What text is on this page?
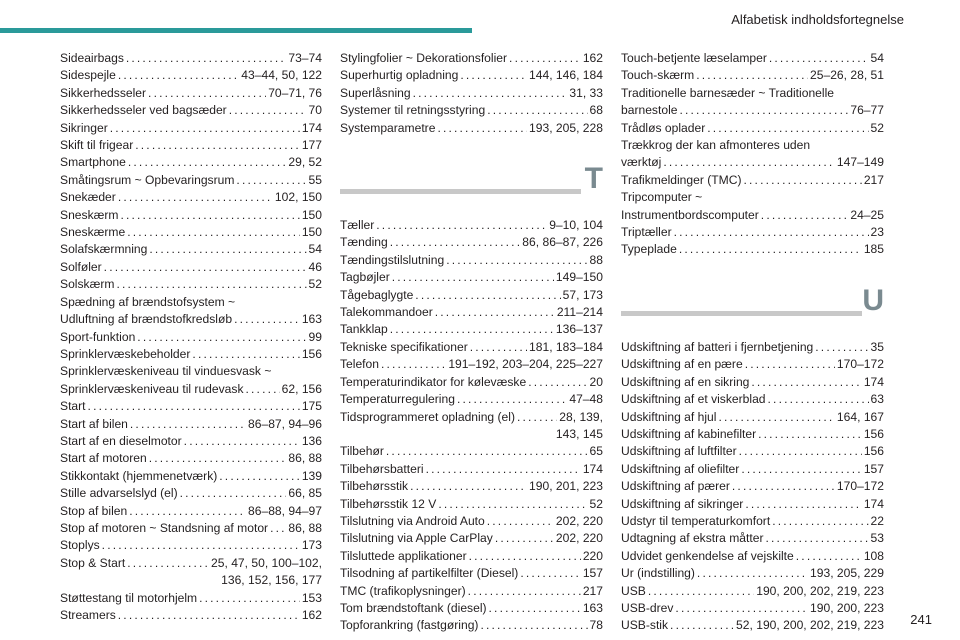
Alfabetisk indholdsfortegnelse
Sideairbags . . .	73–74
Sidespejle . . .	43–44, 50, 122
Sikkerhedsseler . . .	70–71, 76
Sikkerhedsseler ved bagsæder . . .	70
Sikringer . . .	174
Skift til frigear . . .	177
Smartphone . . .	29, 52
Småtingsrum ~ Opbevaringsrum . . .	55
Snekæder . . .	102, 150
Sneskærm . . .	150
Sneskærme . . .	150
Solafskærmning . . .	54
Solføler . . .	46
Solskærm . . .	52
Spædning af brændstofsystem ~
Udluftning af brændstofkredsløb . . .	163
Sport-funktion . . .	99
Sprinklervæskebeholder . . .	156
Sprinklervæskeniveau til vinduesvask ~
Sprinklervæskeniveau til rudevask . . .	62, 156
Start . . .	175
Start af bilen . . .	86–87, 94–96
Start af en dieselmotor . . .	136
Start af motoren . . .	86, 88
Stikkontakt (hjemmenetværk) . . .	139
Stille advarselslyd (el) . . .	66, 85
Stop af bilen . . .	86–88, 94–97
Stop af motoren ~ Standsning af motor . . . 86, 88
Stoplys . . .	173
Stop & Start . . .	25, 47, 50, 100–102,
136, 152, 156, 177
Støttestang til motorhjelm . . .	153
Streamers . . .	162
Stylingfolier ~ Dekorationsfolier . . .	162
Superhurtig opladning . . .	144, 146, 184
Superlåsning . . .	31, 33
Systemer til retningsstyring . . .	68
Systemparametre . . .	193, 205, 228
T
Tæller . . .	9–10, 104
Tænding . . .	86, 86–87, 226
Tændingstilslutning . . .	88
Tagbøjler . . .	149–150
Tågebaglygte . . .	57, 173
Talekommandoer . . .	211–214
Tankklap . . .	136–137
Tekniske specifikationer . . .	181, 183–184
Telefon . . .	191–192, 203–204, 225–227
Temperaturindikator for kølevæske . . .	20
Temperaturregulering . . .	47–48
Tidsprogrammeret opladning (el) . . .	28, 139,
143, 145
Tilbehør . . .	65
Tilbehørsbatteri . . .	174
Tilbehørsstik . . .	190, 201, 223
Tilbehørsstik 12 V . . .	52
Tilslutning via Android Auto . . .	202, 220
Tilslutning via Apple CarPlay . . .	202, 220
Tilsluttede applikationer . . .	220
Tilsodning af partikelfilter (Diesel) . . .	157
TMC (trafikoplysninger) . . .	217
Tom brændstoftank (diesel) . . .	163
Topforankring (fastgøring) . . .	78
Touch-betjente læselamper . . .	54
Touch-skærm . . .	25–26, 28, 51
Traditionelle barnesæder ~ Traditionelle
barnestole . . .	76–77
Trådløs oplader . . .	52
Trækkrog der kan afmonteres uden
værktøj . . .	147–149
Trafikmeldinger (TMC) . . .	217
Tripcomputer ~
Instrumentbordscomputer . . .	24–25
Triptæller . . .	23
Typeplade . . .	185
U
Udskiftning af batteri i fjernbetjening . . .	35
Udskiftning af en pære . . .	170–172
Udskiftning af en sikring . . .	174
Udskiftning af et viskerblad . . .	63
Udskiftning af hjul . . .	164, 167
Udskiftning af kabinefilter . . .	156
Udskiftning af luftfilter . . .	156
Udskiftning af oliefilter . . .	157
Udskiftning af pærer . . .	170–172
Udskiftning af sikringer . . .	174
Udstyr til temperaturkomfort . . .	22
Udtagning af ekstra måtter . . .	53
Udvidet genkendelse af vejskilte . . .	108
Ur (indstilling) . . .	193, 205, 229
USB . . .	190, 200, 202, 219, 223
USB-drev . . .	190, 200, 223
USB-stik . . .	52, 190, 200, 202, 219, 223 241
